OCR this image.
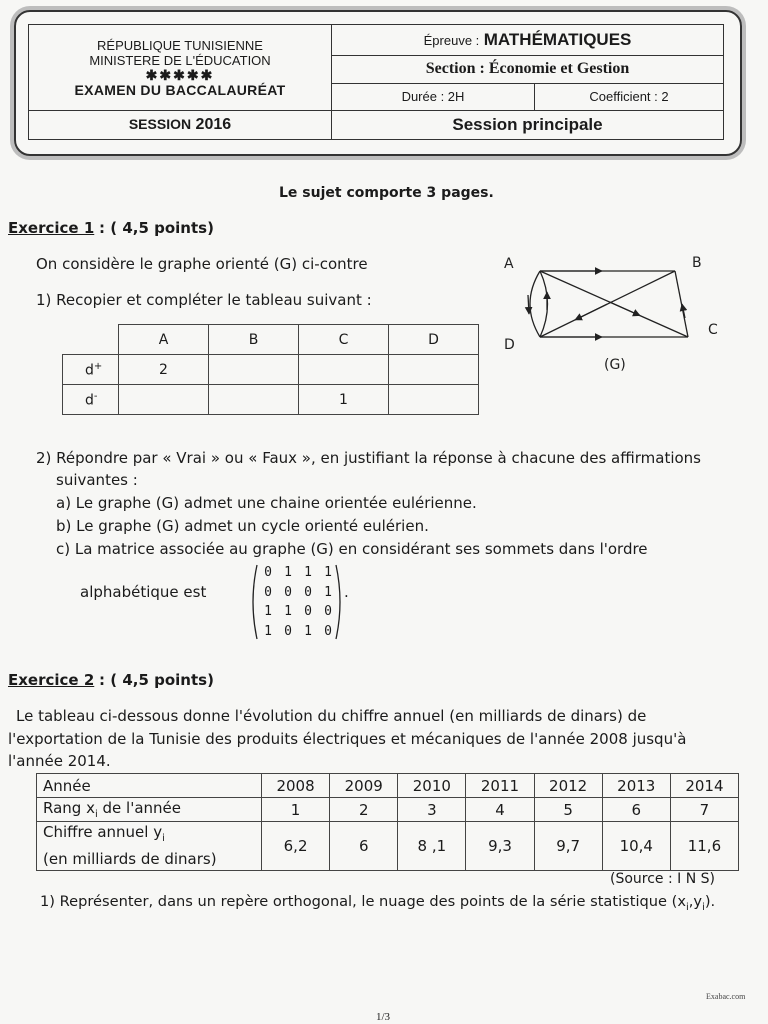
RÉPUBLIQUE TUNISIENNE
MINISTERE DE L'ÉDUCATION
✱✱✱✱✱
EXAMEN DU BACCALAURÉAT	Épreuve : MATHÉMATIQUES	
	Section : Économie et Gestion	
	Durée : 2H	Coefficient : 2
SESSION 2016	Session principale	
Le sujet comporte 3 pages.
Exercice 1 : ( 4,5 points)
On considère le graphe orienté (G) ci-contre
1) Recopier et compléter le tableau suivant :
	A	B	C	D
d+	2			
d-			1	
A	B
C
D
(G)
2) Répondre par « Vrai » ou « Faux », en justifiant la réponse à chacune des affirmations
suivantes :
a) Le graphe (G) admet une chaine orientée eulérienne.
b) Le graphe (G) admet un cycle orienté eulérien.
c) La matrice associée au graphe (G) en considérant ses sommets dans l'ordre
alphabétique est
0 1 1 1
0 0 0 1
1 1 0 0
1 0 1 0
.
Exercice 2 : ( 4,5 points)
Le tableau ci-dessous donne l'évolution du chiffre annuel (en milliards de dinars) de
l'exportation de la Tunisie des produits électriques et mécaniques de l'année 2008 jusqu'à
l'année 2014.
Année	2008	2009	2010	2011	2012	2013	2014
Rang $x_i$ de l'année	1	2	3	4	5	6	7
Chiffre annuel $y_i$
(en milliards de dinars)	6,2	6	8 ,1	9,3	9,7	10,4	11,6
(Source : I N S)
1) Représenter, dans un repère orthogonal, le nuage des points de la série statistique $(x_i,y_i)$.
Exabac.com
1/3
